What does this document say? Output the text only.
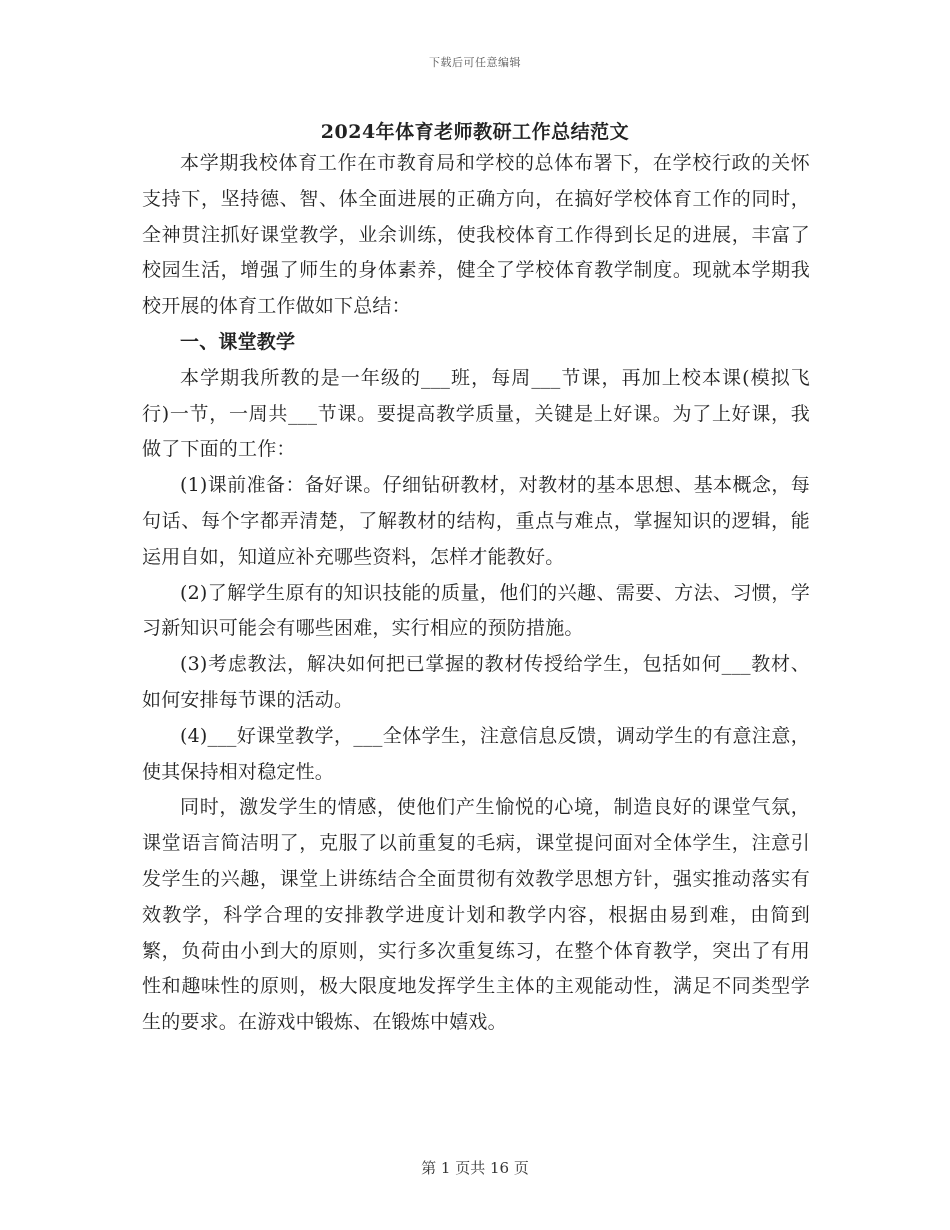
下载后可任意编辑
2024年体育老师教研工作总结范文

本学期我校体育工作在市教育局和学校的总体布署下，在学校行政的关怀支持下，坚持德、智、体全面进展的正确方向，在搞好学校体育工作的同时，全神贯注抓好课堂教学，业余训练，使我校体育工作得到长足的进展，丰富了校园生活，增强了师生的身体素养，健全了学校体育教学制度。现就本学期我校开展的体育工作做如下总结：

一、课堂教学

本学期我所教的是一年级的___班，每周___节课，再加上校本课(模拟飞行)一节，一周共___节课。要提高教学质量，关键是上好课。为了上好课，我做了下面的工作：

(1)课前准备：备好课。仔细钻研教材，对教材的基本思想、基本概念，每句话、每个字都弄清楚，了解教材的结构，重点与难点，掌握知识的逻辑，能运用自如，知道应补充哪些资料，怎样才能教好。

(2)了解学生原有的知识技能的质量，他们的兴趣、需要、方法、习惯，学习新知识可能会有哪些困难，实行相应的预防措施。

(3)考虑教法，解决如何把已掌握的教材传授给学生，包括如何___教材、如何安排每节课的活动。

(4)___好课堂教学，___全体学生，注意信息反馈，调动学生的有意注意，使其保持相对稳定性。

同时，激发学生的情感，使他们产生愉悦的心境，制造良好的课堂气氛，课堂语言简洁明了，克服了以前重复的毛病，课堂提问面对全体学生，注意引发学生的兴趣，课堂上讲练结合全面贯彻有效教学思想方针，强实推动落实有效教学，科学合理的安排教学进度计划和教学内容，根据由易到难，由简到繁，负荷由小到大的原则，实行多次重复练习，在整个体育教学，突出了有用性和趣味性的原则，极大限度地发挥学生主体的主观能动性，满足不同类型学生的要求。在游戏中锻炼、在锻炼中嬉戏。

第 1 页共 16 页
